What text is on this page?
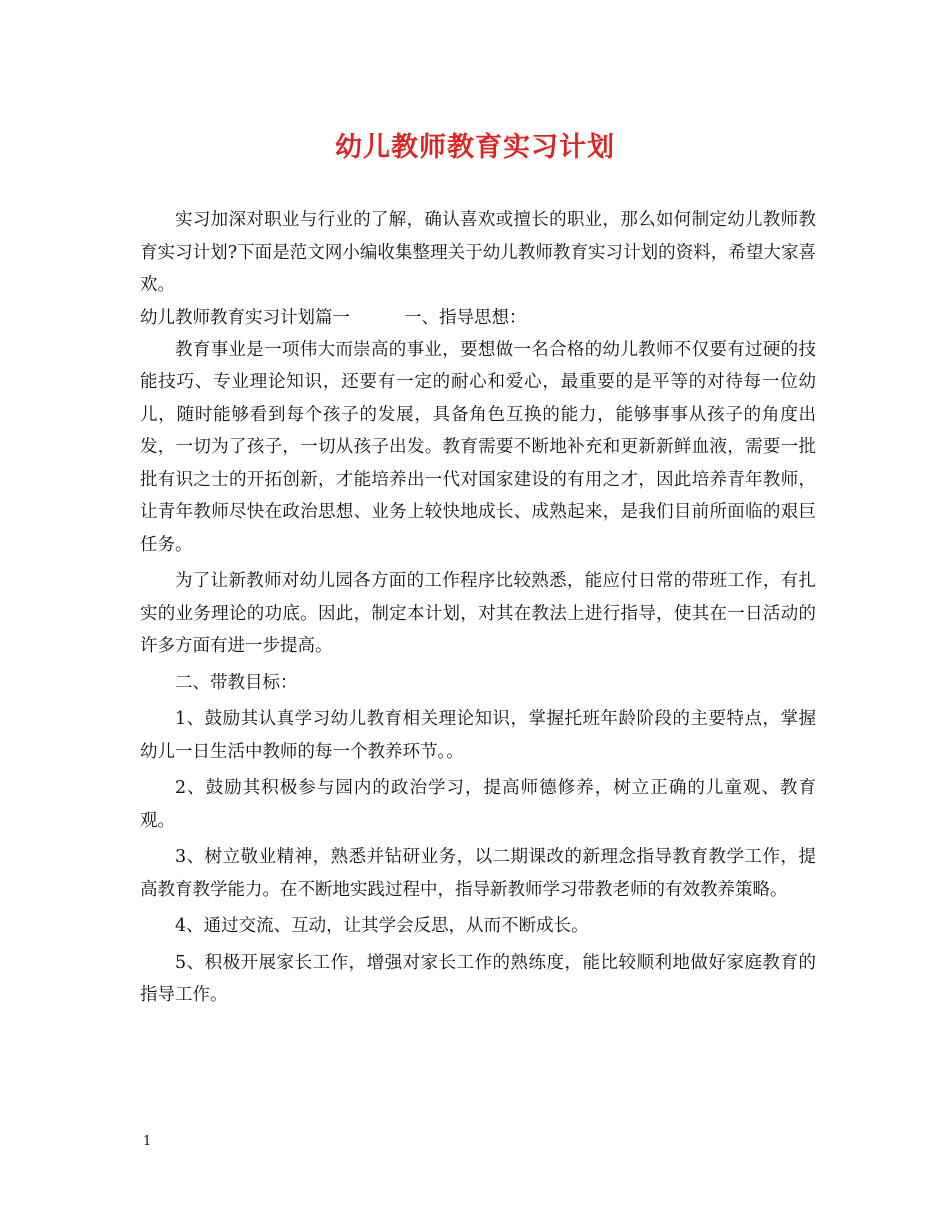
幼儿教师教育实习计划

实习加深对职业与行业的了解，确认喜欢或擅长的职业，那么如何制定幼儿教师教育实习计划?下面是范文网小编收集整理关于幼儿教师教育实习计划的资料，希望大家喜欢。

幼儿教师教育实习计划篇一	一、指导思想：

教育事业是一项伟大而崇高的事业，要想做一名合格的幼儿教师不仅要有过硬的技能技巧、专业理论知识，还要有一定的耐心和爱心，最重要的是平等的对待每一位幼儿，随时能够看到每个孩子的发展，具备角色互换的能力，能够事事从孩子的角度出发，一切为了孩子，一切从孩子出发。教育需要不断地补充和更新新鲜血液，需要一批批有识之士的开拓创新，才能培养出一代对国家建设的有用之才，因此培养青年教师，让青年教师尽快在政治思想、业务上较快地成长、成熟起来，是我们目前所面临的艰巨任务。

为了让新教师对幼儿园各方面的工作程序比较熟悉，能应付日常的带班工作，有扎实的业务理论的功底。因此，制定本计划，对其在教法上进行指导，使其在一日活动的许多方面有进一步提高。

二、带教目标：

1、鼓励其认真学习幼儿教育相关理论知识，掌握托班年龄阶段的主要特点，掌握幼儿一日生活中教师的每一个教养环节。。

2、鼓励其积极参与园内的政治学习，提高师德修养，树立正确的儿童观、教育观。

3、树立敬业精神，熟悉并钻研业务，以二期课改的新理念指导教育教学工作，提高教育教学能力。在不断地实践过程中，指导新教师学习带教老师的有效教养策略。

4、通过交流、互动，让其学会反思，从而不断成长。

5、积极开展家长工作，增强对家长工作的熟练度，能比较顺利地做好家庭教育的指导工作。

1
